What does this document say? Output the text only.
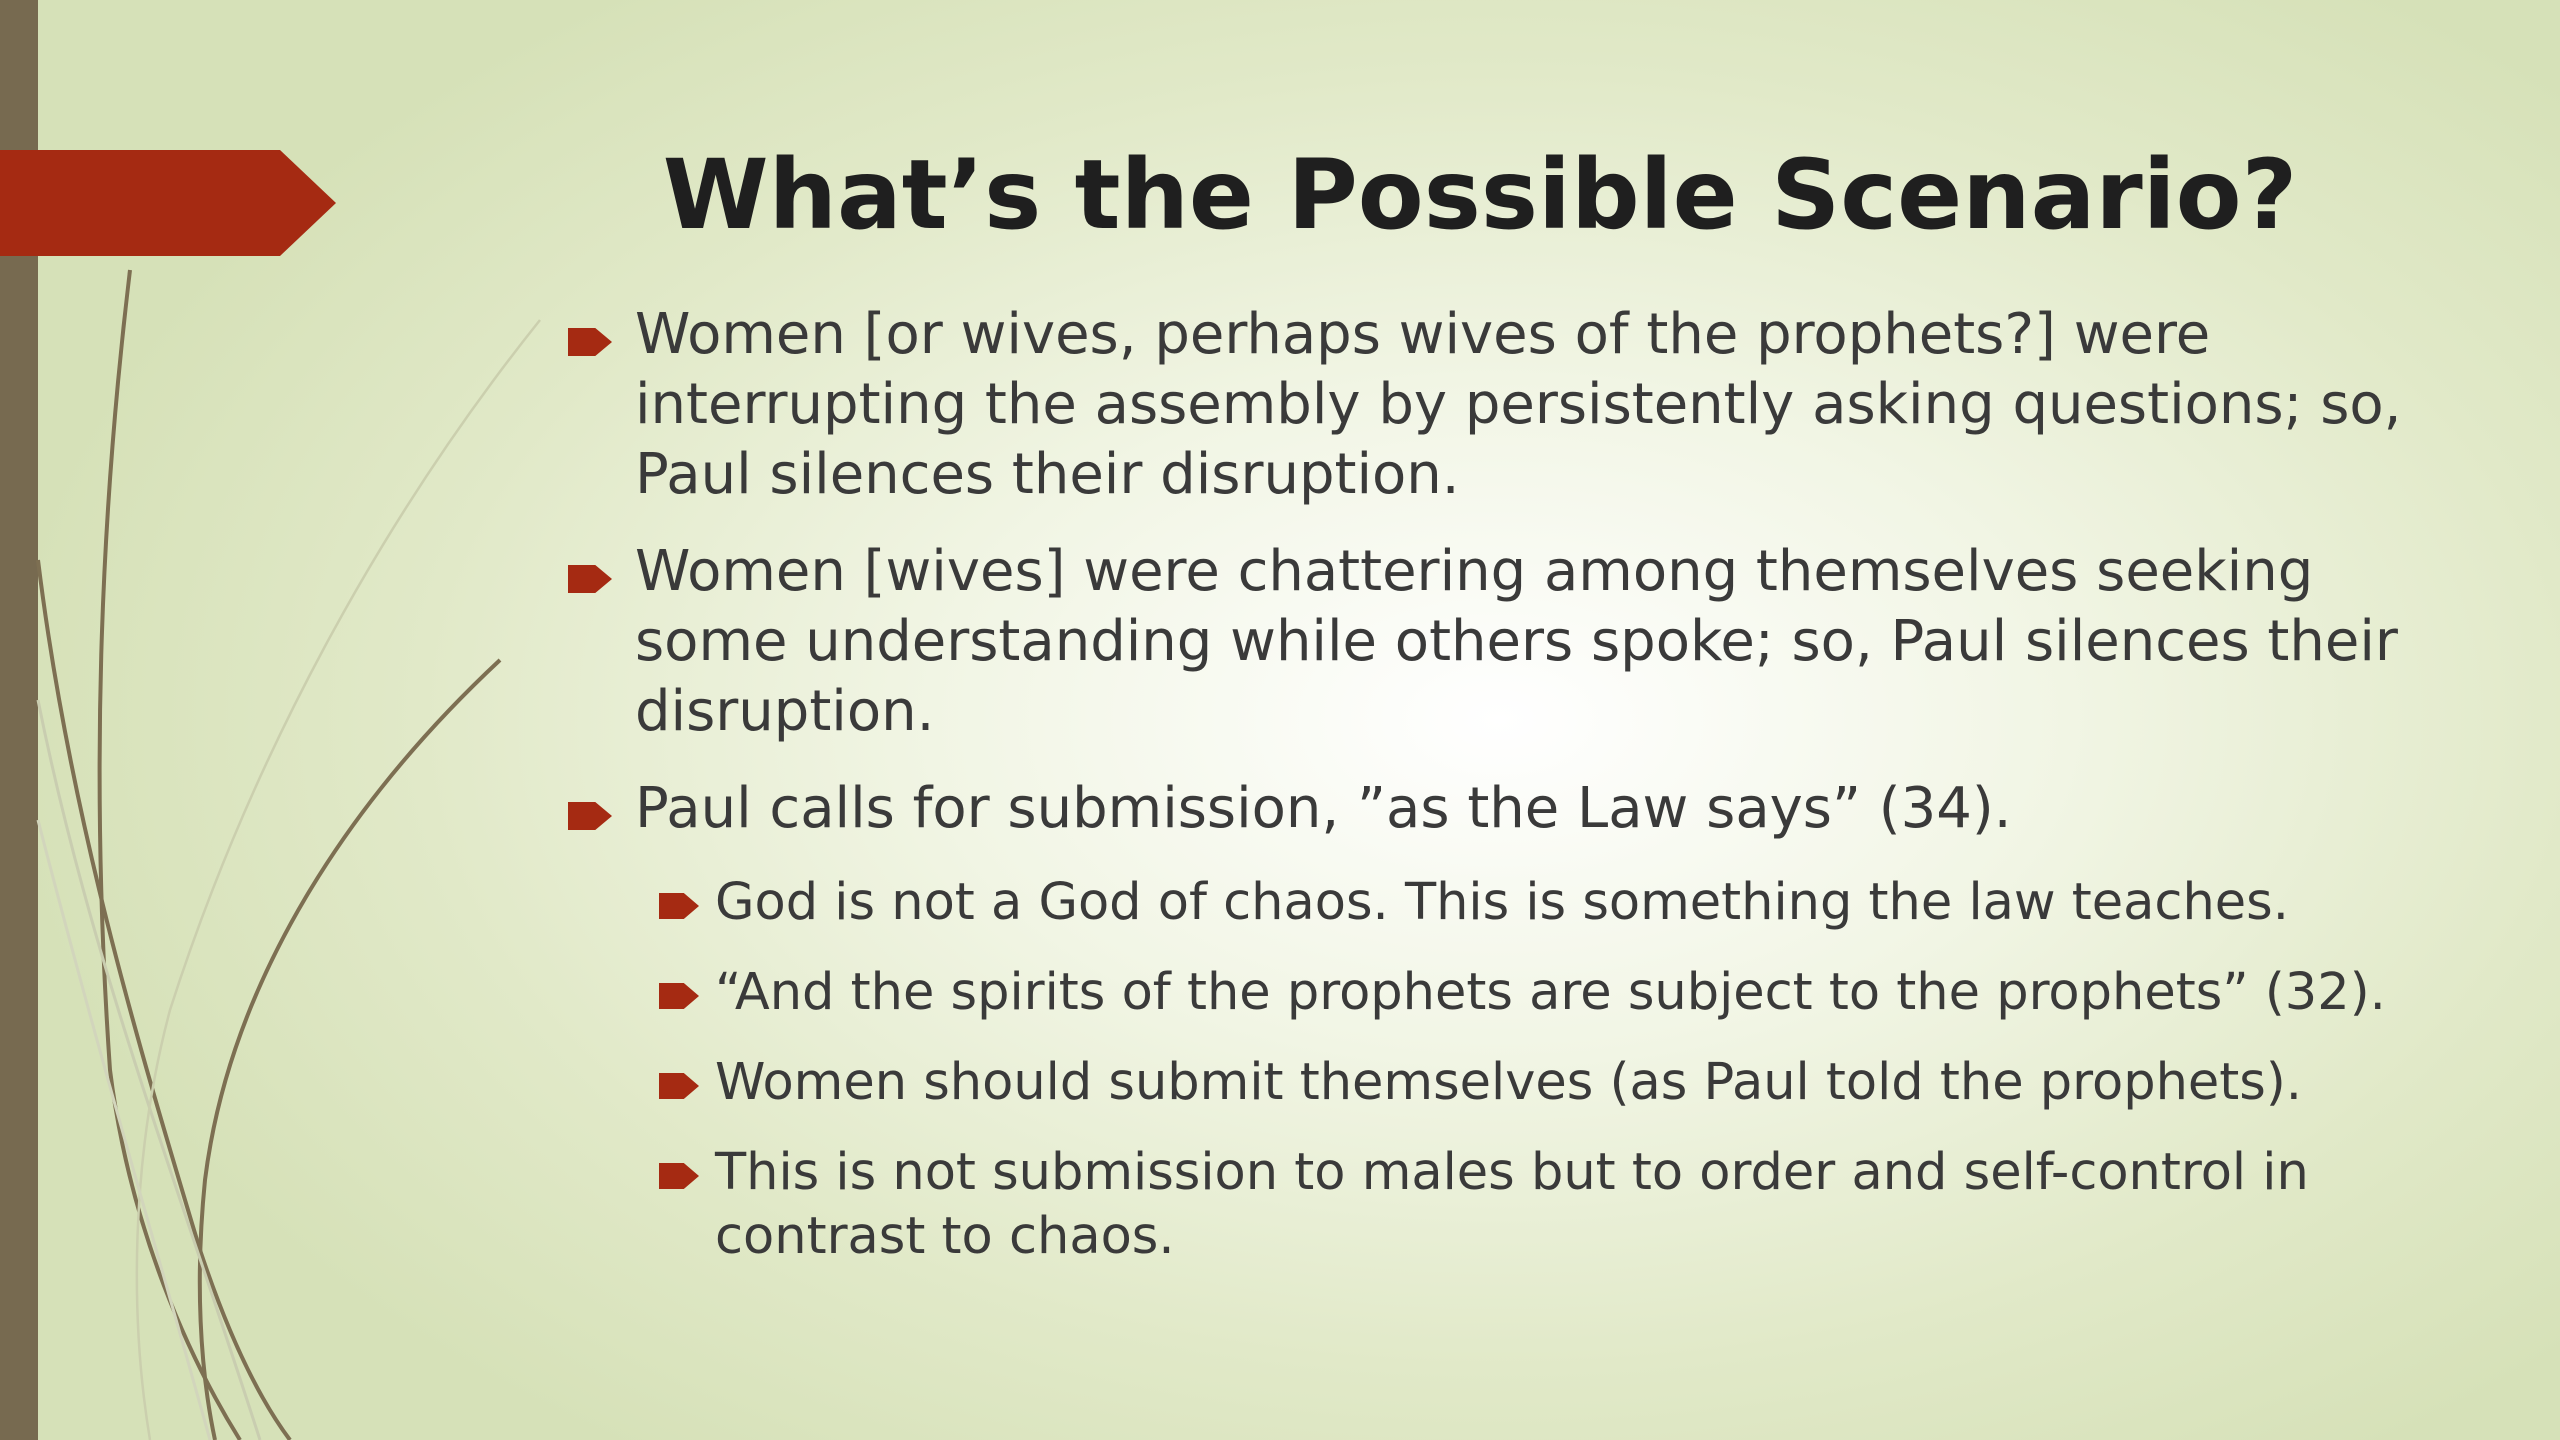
What’s the Possible Scenario?
Women [or wives, perhaps wives of the prophets?] were interrupting the assembly by persistently asking questions; so, Paul silences their disruption.
Women [wives] were chattering among themselves seeking some understanding while others spoke; so, Paul silences their disruption.
Paul calls for submission, ”as the Law says” (34).
God is not a God of chaos. This is something the law teaches.
“And the spirits of the prophets are subject to the prophets” (32).
Women should submit themselves (as Paul told the prophets).
This is not submission to males but to order and self-control in contrast to chaos.
